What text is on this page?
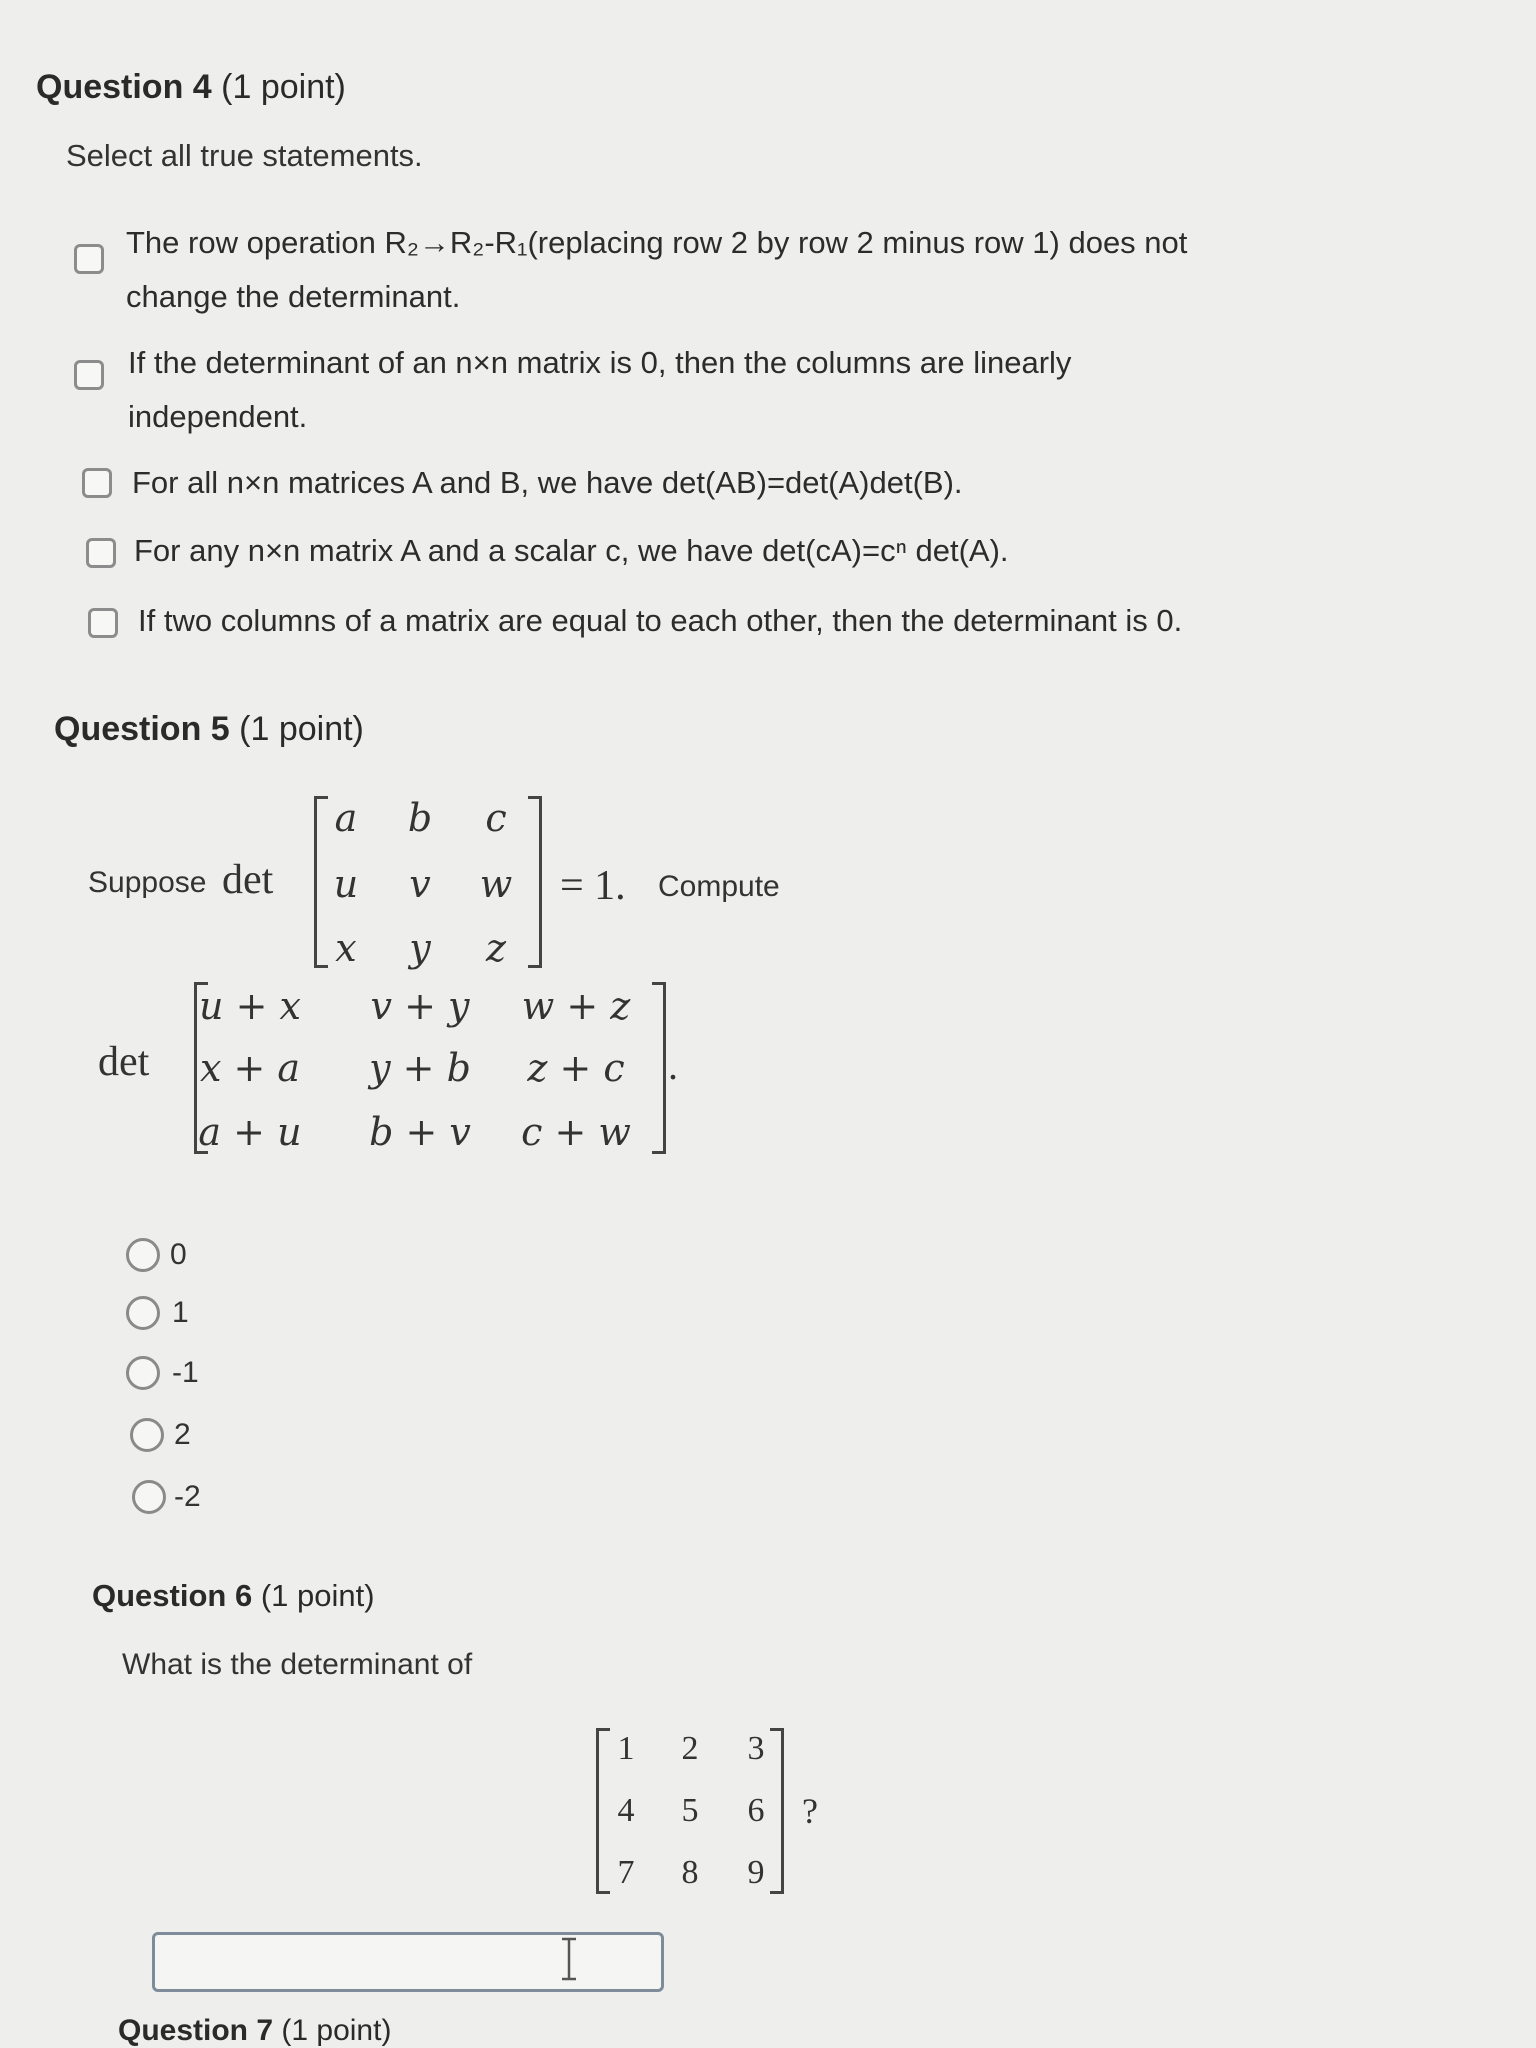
Question 4 (1 point)
Select all true statements.
The row operation R₂→R₂-R₁(replacing row 2 by row 2 minus row 1) does not
change the determinant.
If the determinant of an n×n matrix is 0, then the columns are linearly
independent.
For all n×n matrices A and B, we have det(AB)=det(A)det(B).
For any n×n matrix A and a scalar c, we have det(cA)=cⁿ det(A).
If two columns of a matrix are equal to each other, then the determinant is 0.
Question 5 (1 point)
Suppose det
a b c
u v w
x y z
= 1. Compute
det
u + x v + y w + z
x + a y + b z + c
a + u b + v c + w
.
0
1
-1
2
-2
Question 6 (1 point)
What is the determinant of
1 2 3
4 5 6
7 8 9
?
Question 7 (1 point)
